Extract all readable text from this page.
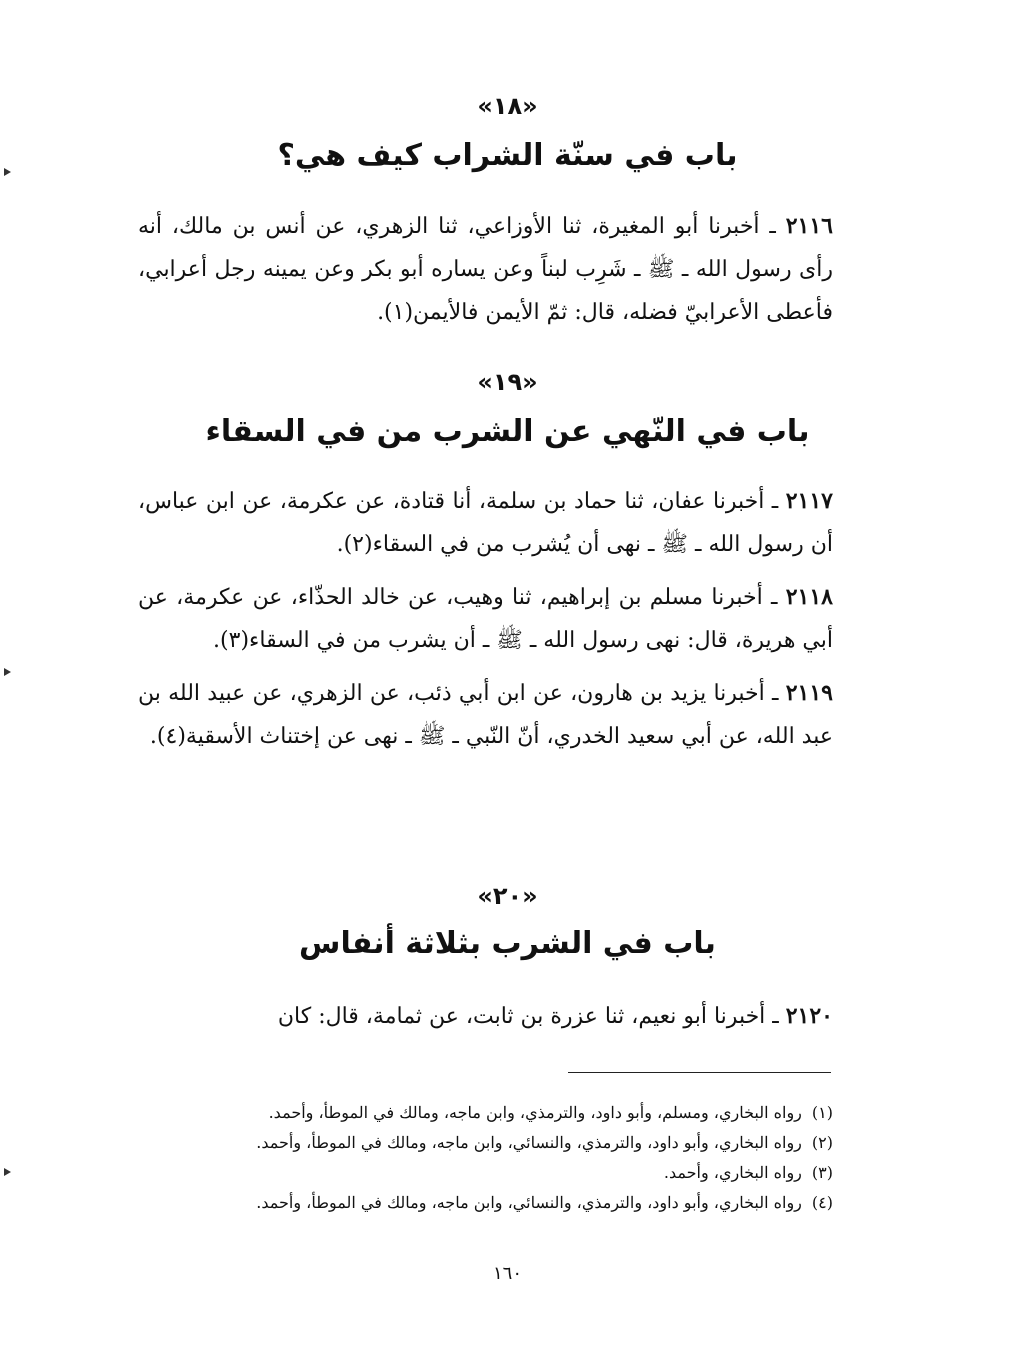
«١٨»
باب في سنّة الشراب كيف هي؟

٢١١٦ ـ أخبرنا أبو المغيرة، ثنا الأوزاعي، ثنا الزهري، عن أنس بن مالك، أنه رأى رسول الله ـ ﷺ ـ شَرِب لبناً وعن يساره أبو بكر وعن يمينه رجل أعرابي، فأعطى الأعرابيّ فضله، قال: ثمّ الأيمن فالأيمن(١).

«١٩»
باب في النّهي عن الشرب من في السقاء

٢١١٧ ـ أخبرنا عفان، ثنا حماد بن سلمة، أنا قتادة، عن عكرمة، عن ابن عباس، أن رسول الله ـ ﷺ ـ نهى أن يُشرب من في السقاء(٢).

٢١١٨ ـ أخبرنا مسلم بن إبراهيم، ثنا وهيب، عن خالد الحذّاء، عن عكرمة، عن أبي هريرة، قال: نهى رسول الله ـ ﷺ ـ أن يشرب من في السقاء(٣).

٢١١٩ ـ أخبرنا يزيد بن هارون، عن ابن أبي ذئب، عن الزهري، عن عبيد الله بن عبد الله، عن أبي سعيد الخدري، أنّ النّبي ـ ﷺ ـ نهى عن إختناث الأسقية(٤).

«٢٠»
باب في الشرب بثلاثة أنفاس

٢١٢٠ ـ أخبرنا أبو نعيم، ثنا عزرة بن ثابت، عن ثمامة، قال: كان

(١)رواه البخاري، ومسلم، وأبو داود، والترمذي، وابن ماجه، ومالك في الموطأ، وأحمد.
(٢)رواه البخاري، وأبو داود، والترمذي، والنسائي، وابن ماجه، ومالك في الموطأ، وأحمد.
(٣)رواه البخاري، وأحمد.
(٤)رواه البخاري، وأبو داود، والترمذي، والنسائي، وابن ماجه، ومالك في الموطأ، وأحمد.
١٦٠
